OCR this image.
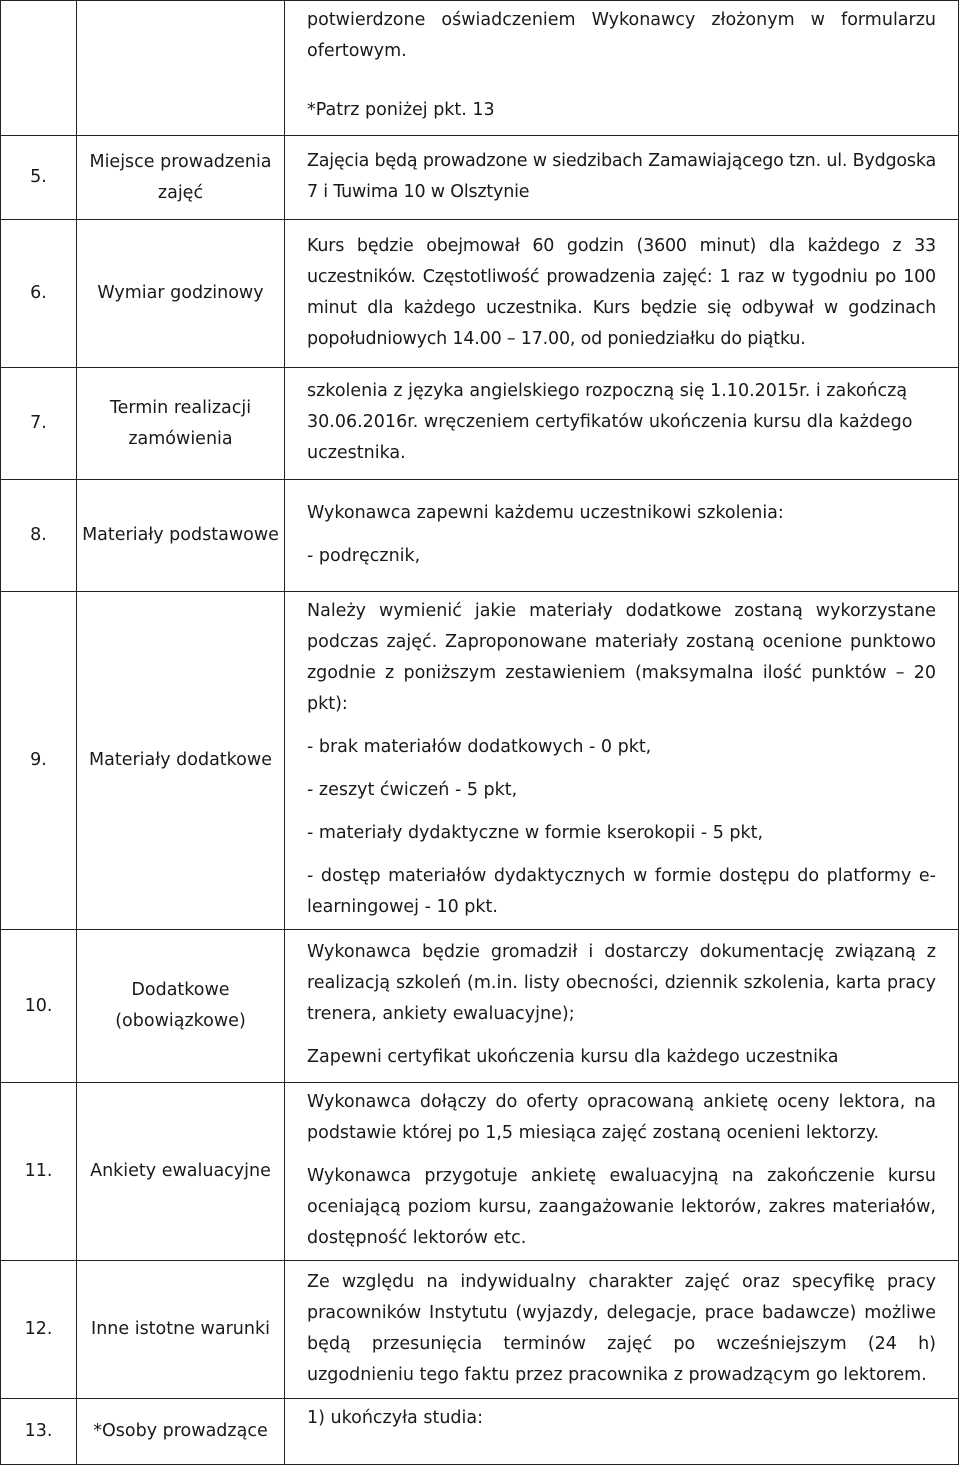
		potwierdzone oświadczeniem Wykonawcy złożonym w formularzu ofertowym.

*Patrz poniżej pkt. 13

5.	Miejsce prowadzenia zajęć	Zajęcia będą prowadzone w siedzibach Zamawiającego tzn. ul. Bydgoska 7 i Tuwima 10 w Olsztynie

6.	Wymiar godzinowy	Kurs będzie obejmował 60 godzin (3600 minut) dla każdego z 33 uczestników. Częstotliwość prowadzenia zajęć: 1 raz w tygodniu po 100 minut dla każdego uczestnika. Kurs będzie się odbywał w godzinach popołudniowych 14.00 – 17.00, od poniedziałku do piątku.

7.	Termin realizacji zamówienia	szkolenia z języka angielskiego rozpoczną się 1.10.2015r. i zakończą 30.06.2016r. wręczeniem certyfikatów ukończenia kursu dla każdego uczestnika.

8.	Materiały podstawowe	Wykonawca zapewni każdemu uczestnikowi szkolenia:

- podręcznik,

9.	Materiały dodatkowe	Należy wymienić jakie materiały dodatkowe zostaną wykorzystane podczas zajęć. Zaproponowane materiały zostaną ocenione punktowo zgodnie z poniższym zestawieniem (maksymalna ilość punktów – 20 pkt):

- brak materiałów dodatkowych - 0 pkt,

- zeszyt ćwiczeń - 5 pkt,

- materiały dydaktyczne w formie kserokopii - 5 pkt,

- dostęp materiałów dydaktycznych w formie dostępu do platformy e-learningowej - 10 pkt.

10.	Dodatkowe (obowiązkowe)	Wykonawca będzie gromadził i dostarczy dokumentację związaną z realizacją szkoleń (m.in. listy obecności, dziennik szkolenia, karta pracy trenera, ankiety ewaluacyjne);

Zapewni certyfikat ukończenia kursu dla każdego uczestnika

11.	Ankiety ewaluacyjne	Wykonawca dołączy do oferty opracowaną ankietę oceny lektora, na podstawie której po 1,5 miesiąca zajęć zostaną ocenieni lektorzy.

Wykonawca przygotuje ankietę ewaluacyjną na zakończenie kursu oceniającą poziom kursu, zaangażowanie lektorów, zakres materiałów, dostępność lektorów etc.

12.	Inne istotne warunki	Ze względu na indywidualny charakter zajęć oraz specyfikę pracy pracowników Instytutu (wyjazdy, delegacje, prace badawcze) możliwe będą przesunięcia terminów zajęć po wcześniejszym (24 h) uzgodnieniu tego faktu przez pracownika z prowadzącym go lektorem.

13.	*Osoby prowadzące	1) ukończyła studia:
